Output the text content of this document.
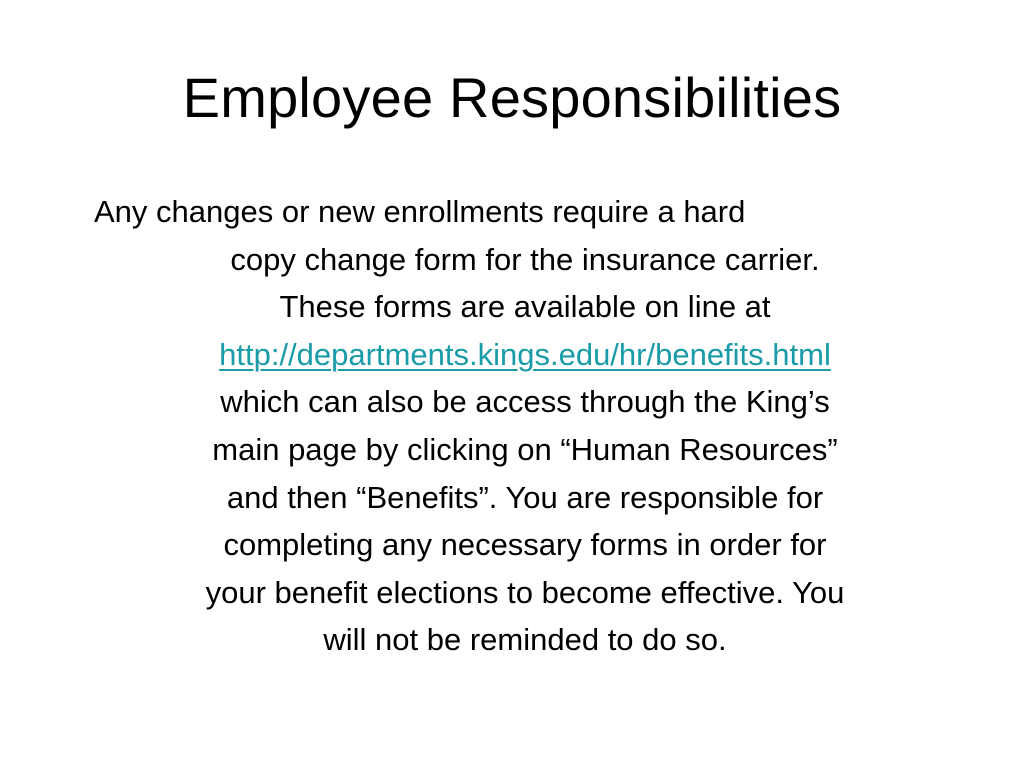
Employee Responsibilities
Any changes or new enrollments require a hard
copy change form for the insurance carrier.
These forms are available on line at
http://departments.kings.edu/hr/benefits.html
which can also be access through the King’s
main page by clicking on “Human Resources”
and then “Benefits”. You are responsible for
completing any necessary forms in order for
your benefit elections to become effective. You
will not be reminded to do so.
